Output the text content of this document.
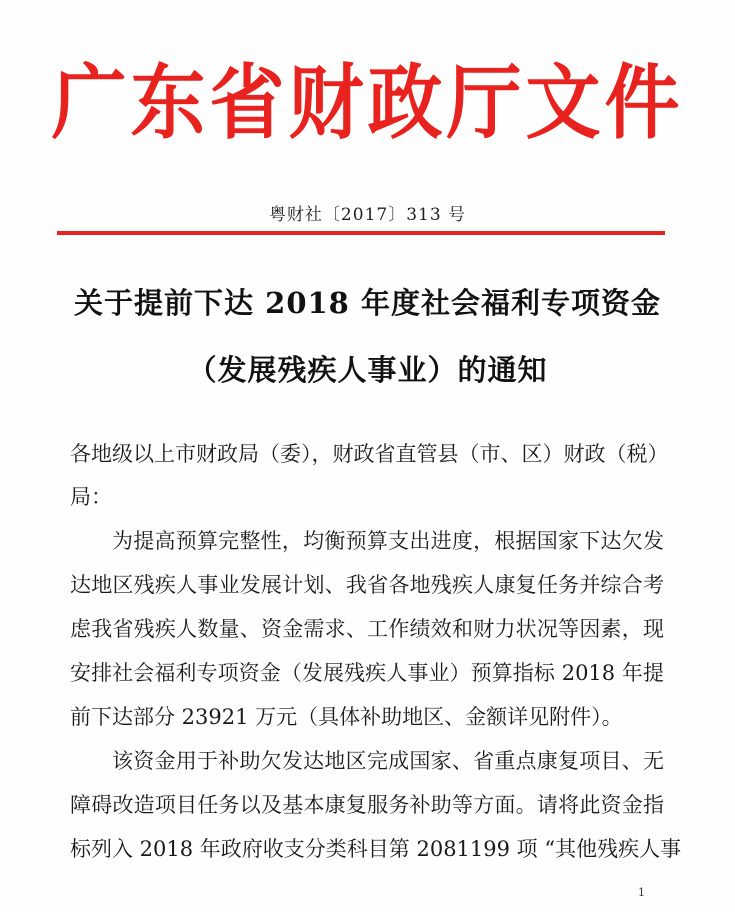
广东省财政厅文件
粤财社〔2017〕313 号
关于提前下达 2018 年度社会福利专项资金
（发展残疾人事业）的通知
各地级以上市财政局（委），财政省直管县（市、区）财政（税）
局：
为提高预算完整性，均衡预算支出进度，根据国家下达欠发
达地区残疾人事业发展计划、我省各地残疾人康复任务并综合考
虑我省残疾人数量、资金需求、工作绩效和财力状况等因素，现
安排社会福利专项资金（发展残疾人事业）预算指标 2018 年提
前下达部分 23921 万元（具体补助地区、金额详见附件）。
该资金用于补助欠发达地区完成国家、省重点康复项目、无
障碍改造项目任务以及基本康复服务补助等方面。请将此资金指
标列入 2018 年政府收支分类科目第 2081199 项 “其他残疾人事
1
